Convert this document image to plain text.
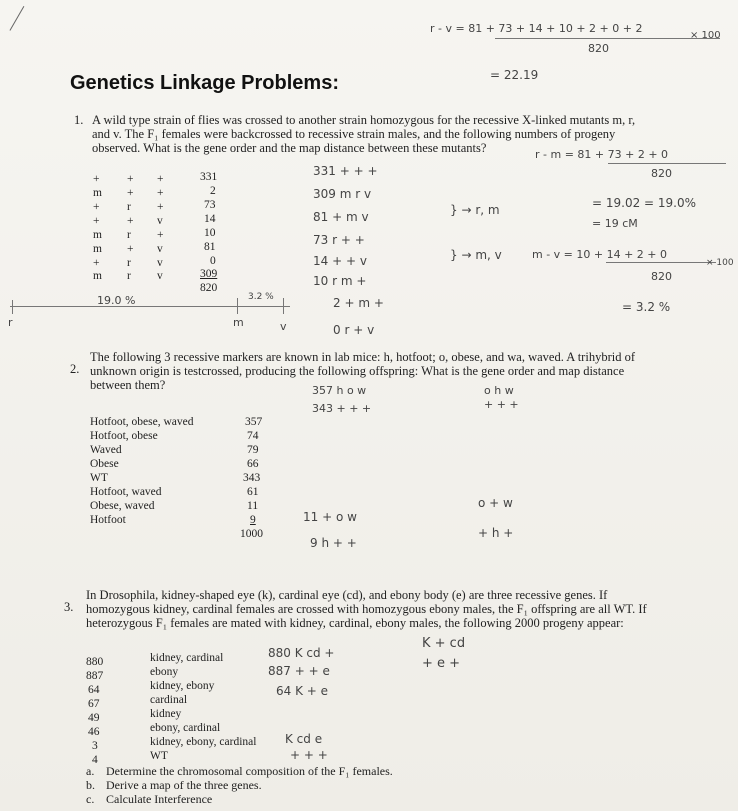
r - v = 81 + 73 + 14 + 10 + 2 + 0 + 2
820
× 100
= 22.19
Genetics Linkage Problems:
1. A wild type strain of flies was crossed to another strain homozygous for the recessive X-linked mutants m, r,
and v. The F₁ females were backcrossed to recessive strain males, and the following numbers of progeny
observed. What is the gene order and the map distance between these mutants?
+ + +	331
m + +	2
+ r +	73
+ + v	14
m r +	10
m + v	81
+ r v	0
m r v	309
820
331 + + +
309 m r v
81 + m v
73 r + +
14 + + v
10 r m +
2 + m +
0 r + v
} → r, m
} → m, v
r - m = 81 + 73 + 2 + 0
820
= 19.02 = 19.0%
= 19 cM
m - v = 10 + 14 + 2 + 0
× 100
820
= 3.2 %
19.0 %	3.2 %
r	m	v
2.
The following 3 recessive markers are known in lab mice: h, hotfoot; o, obese, and wa, waved. A trihybrid of
unknown origin is testcrossed, producing the following offspring: What is the gene order and map distance
between them?	357 h o w
343 + + +
o h w
+ + +
Hotfoot, obese, waved	357
Hotfoot, obese	74
Waved	79
Obese	66
WT	343
Hotfoot, waved	61
Obese, waved	11
Hotfoot	9
1000
11 + o w
9 h + +
o + w
+ h +
3.
In Drosophila, kidney-shaped eye (k), cardinal eye (cd), and ebony body (e) are three recessive genes. If
homozygous kidney, cardinal females are crossed with homozygous ebony males, the F₁ offspring are all WT. If
heterozygous F₁ females are mated with kidney, cardinal, ebony males, the following 2000 progeny appear:
880	kidney, cardinal
887	ebony
64	kidney, ebony
67	cardinal
49	kidney
46	ebony, cardinal
3	kidney, ebony, cardinal
4	WT
880 K cd +
887 + + e
64 K + e
K + cd
+ e +
K cd e
+ + +
a. Determine the chromosomal composition of the F₁ females.
b. Derive a map of the three genes.
c. Calculate Interference
